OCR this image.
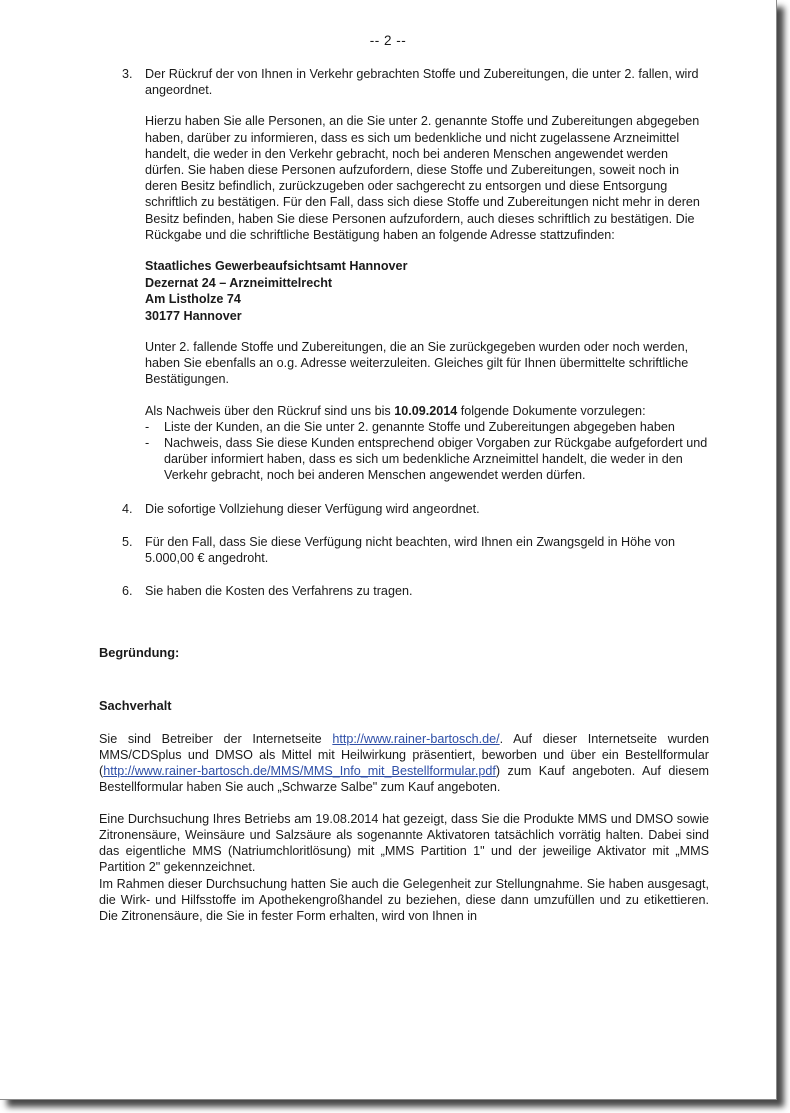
-- 2 --
3. Der Rückruf der von Ihnen in Verkehr gebrachten Stoffe und Zubereitungen, die unter 2. fallen, wird angeordnet.

Hierzu haben Sie alle Personen, an die Sie unter 2. genannte Stoffe und Zubereitungen abgegeben haben, darüber zu informieren, dass es sich um bedenkliche und nicht zugelassene Arzneimittel handelt, die weder in den Verkehr gebracht, noch bei anderen Menschen angewendet werden dürfen. Sie haben diese Personen aufzufordern, diese Stoffe und Zubereitungen, soweit noch in deren Besitz befindlich, zurückzugeben oder sachgerecht zu entsorgen und diese Entsorgung schriftlich zu bestätigen. Für den Fall, dass sich diese Stoffe und Zubereitungen nicht mehr in deren Besitz befinden, haben Sie diese Personen aufzufordern, auch dieses schriftlich zu bestätigen. Die Rückgabe und die schriftliche Bestätigung haben an folgende Adresse stattzufinden:

Staatliches Gewerbeaufsichtsamt Hannover
Dezernat 24 – Arzneimittelrecht
Am Listholze 74
30177 Hannover

Unter 2. fallende Stoffe und Zubereitungen, die an Sie zurückgegeben wurden oder noch werden, haben Sie ebenfalls an o.g. Adresse weiterzuleiten. Gleiches gilt für Ihnen übermittelte schriftliche Bestätigungen.

Als Nachweis über den Rückruf sind uns bis 10.09.2014 folgende Dokumente vorzulegen:

- Liste der Kunden, an die Sie unter 2. genannte Stoffe und Zubereitungen abgegeben haben
- Nachweis, dass Sie diese Kunden entsprechend obiger Vorgaben zur Rückgabe aufgefordert und darüber informiert haben, dass es sich um bedenkliche Arzneimittel handelt, die weder in den Verkehr gebracht, noch bei anderen Menschen angewendet werden dürfen.
4. Die sofortige Vollziehung dieser Verfügung wird angeordnet.

5. Für den Fall, dass Sie diese Verfügung nicht beachten, wird Ihnen ein Zwangsgeld in Höhe von 5.000,00 € angedroht.

6. Sie haben die Kosten des Verfahrens zu tragen.

Begründung:
Sachverhalt

Sie sind Betreiber der Internetseite http://www.rainer-bartosch.de/. Auf dieser Internetseite wurden MMS/CDSplus und DMSO als Mittel mit Heilwirkung präsentiert, beworben und über ein Bestellformular (http://www.rainer-bartosch.de/MMS/MMS_Info_mit_Bestellformular.pdf) zum Kauf angeboten. Auf diesem Bestellformular haben Sie auch „Schwarze Salbe" zum Kauf angeboten.

Eine Durchsuchung Ihres Betriebs am 19.08.2014 hat gezeigt, dass Sie die Produkte MMS und DMSO sowie Zitronensäure, Weinsäure und Salzsäure als sogenannte Aktivatoren tatsächlich vorrätig halten. Dabei sind das eigentliche MMS (Natriumchloritlösung) mit „MMS Partition 1" und der jeweilige Aktivator mit „MMS Partition 2" gekennzeichnet.

Im Rahmen dieser Durchsuchung hatten Sie auch die Gelegenheit zur Stellungnahme. Sie haben ausgesagt, die Wirk- und Hilfsstoffe im Apothekengroßhandel zu beziehen, diese dann umzufüllen und zu etikettieren. Die Zitronensäure, die Sie in fester Form erhalten, wird von Ihnen in
